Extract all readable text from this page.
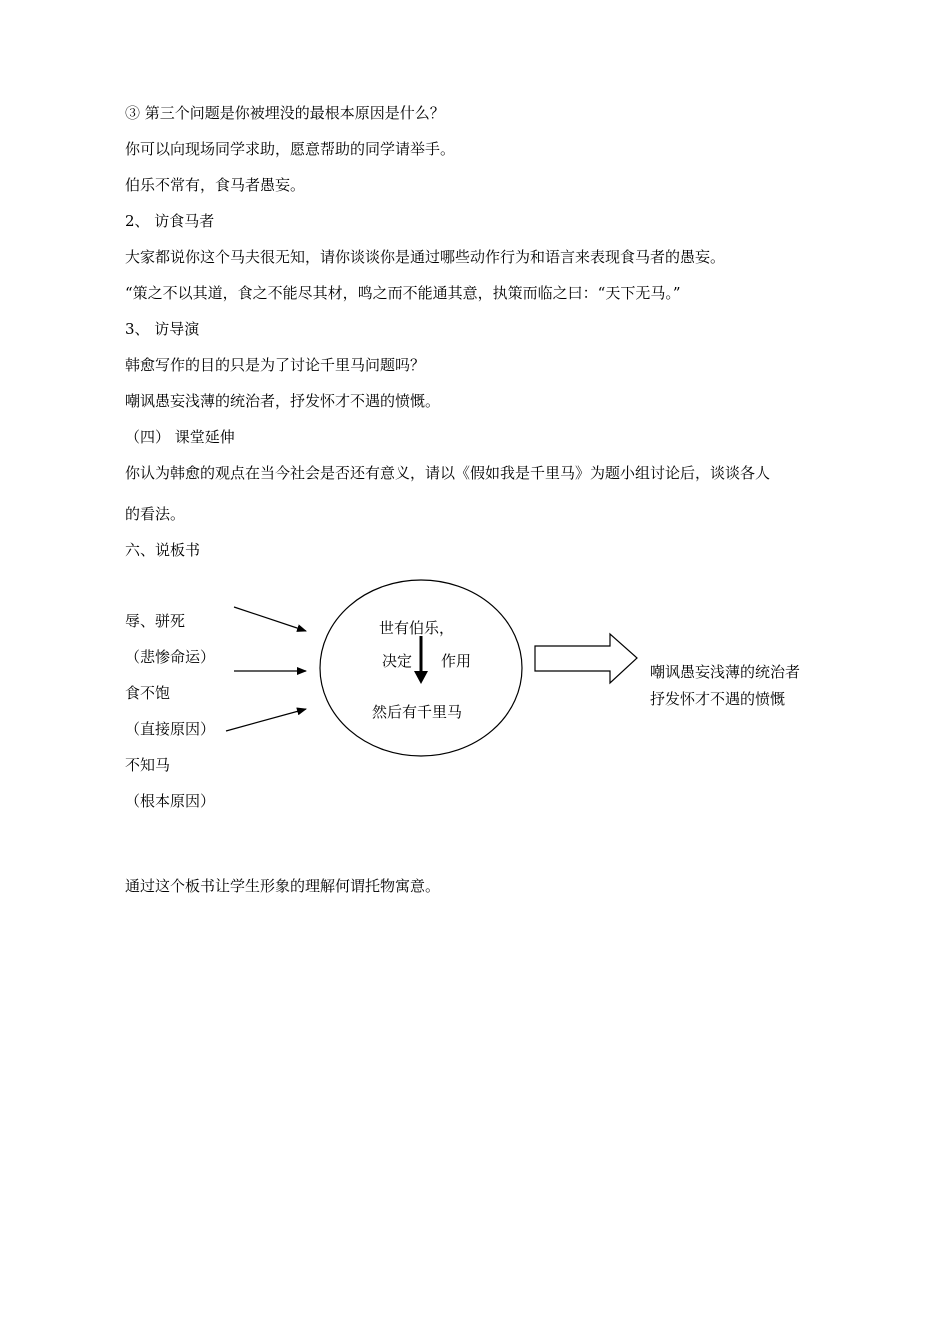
③ 第三个问题是你被埋没的最根本原因是什么？
你可以向现场同学求助，愿意帮助的同学请举手。
伯乐不常有，食马者愚妄。
2、 访食马者
大家都说你这个马夫很无知，请你谈谈你是通过哪些动作行为和语言来表现食马者的愚妄。
“策之不以其道，食之不能尽其材，鸣之而不能通其意，执策而临之曰：“天下无马。”
3、 访导演
韩愈写作的目的只是为了讨论千里马问题吗？
嘲讽愚妄浅薄的统治者，抒发怀才不遇的愤慨。
（四） 课堂延伸
你认为韩愈的观点在当今社会是否还有意义，请以《假如我是千里马》为题小组讨论后，谈谈各人
的看法。
六、说板书
辱、骈死
（悲惨命运）
食不饱
（直接原因）
不知马
（根本原因）
世有伯乐，
决定 作用
然后有千里马
嘲讽愚妄浅薄的统治者
抒发怀才不遇的愤慨
通过这个板书让学生形象的理解何谓托物寓意。
